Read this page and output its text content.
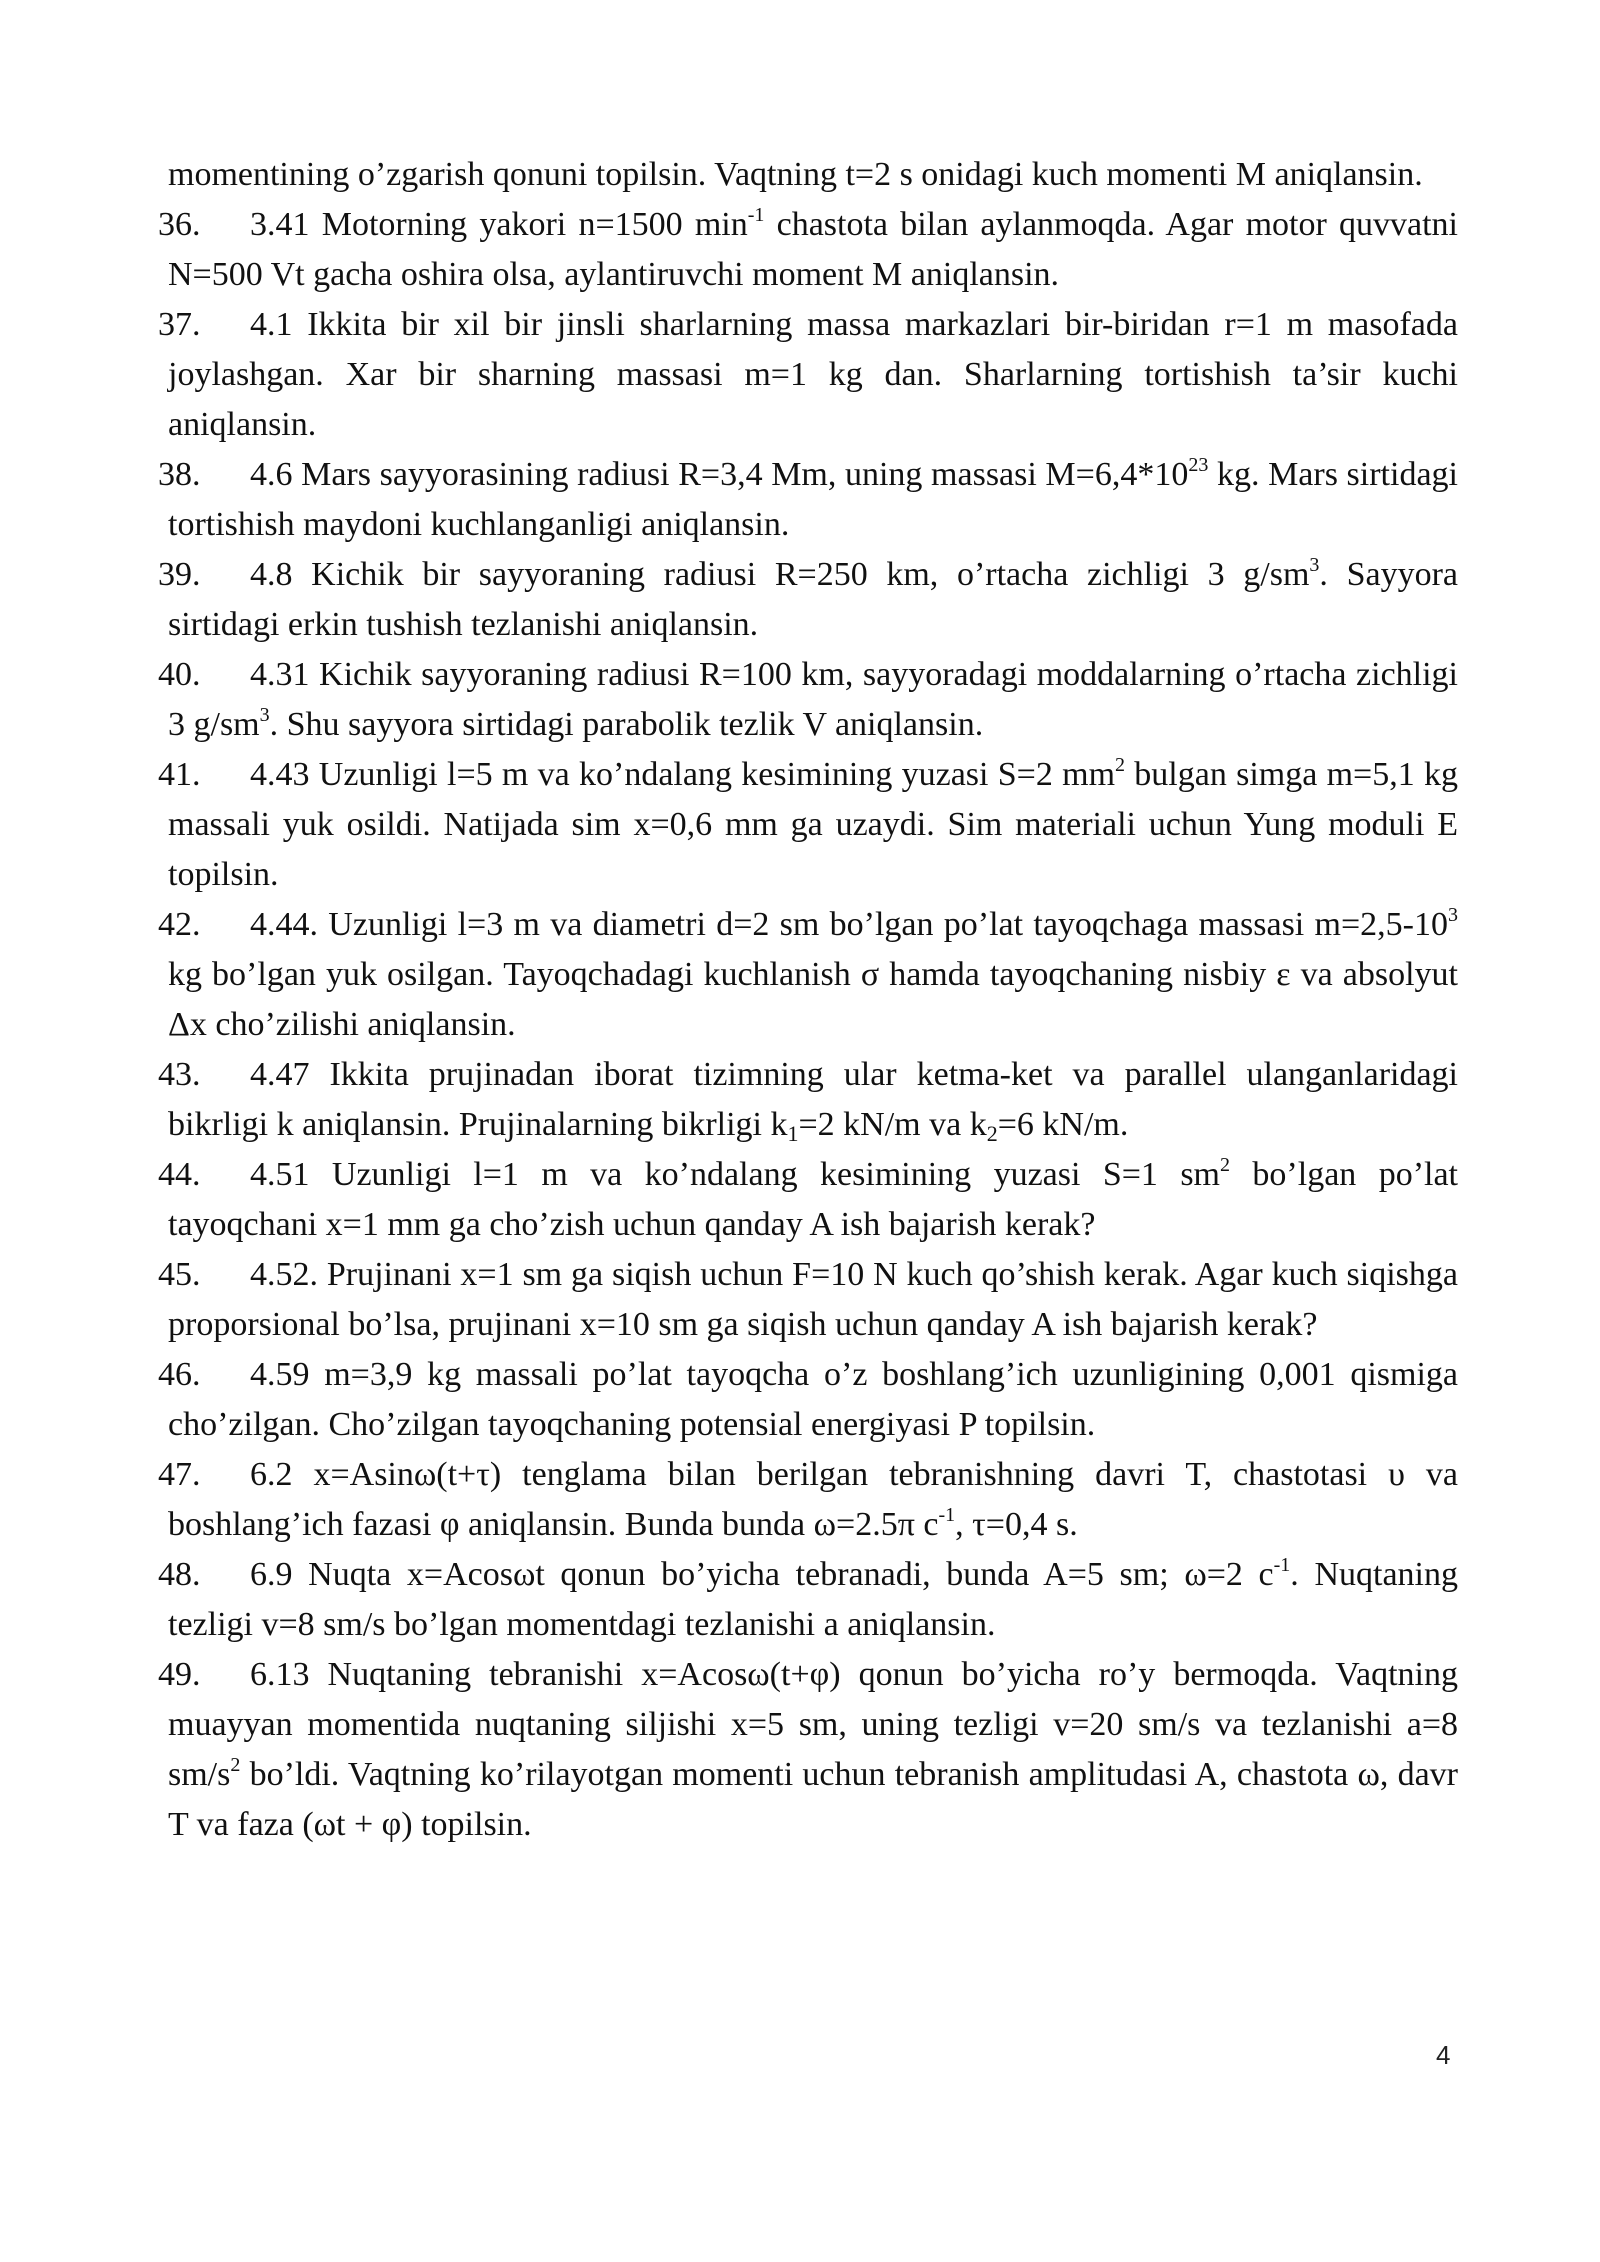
momentining o’zgarish qonuni topilsin. Vaqtning t=2 s onidagi kuch momenti M aniqlansin.

36. 3.41 Motorning yakori n=1500 $\min^{-1}$ chastota bilan aylanmoqda. Agar motor quvvatni N=500 Vt gacha oshira olsa, aylantiruvchi moment M aniqlansin.

37. 4.1 Ikkita bir xil bir jinsli sharlarning massa markazlari bir-biridan r=1 m masofada joylashgan. Xar bir sharning massasi m=1 kg dan. Sharlarning tortishish ta’sir kuchi aniqlansin.

38. 4.6 Mars sayyorasining radiusi R=3,4 Mm, uning massasi $M=6,4*10^{23}$ kg. Mars sirtidagi tortishish maydoni kuchlanganligi aniqlansin.

39. 4.8 Kichik bir sayyoraning radiusi R=250 km, o’rtacha zichligi 3 $g/sm^3$. Sayyora sirtidagi erkin tushish tezlanishi aniqlansin.

40. 4.31 Kichik sayyoraning radiusi R=100 km, sayyoradagi moddalarning o’rtacha zichligi 3 $g/sm^3$. Shu sayyora sirtidagi parabolik tezlik V aniqlansin.

41. 4.43 Uzunligi l=5 m va ko’ndalang kesimining yuzasi S=2 $mm^2$ bulgan simga m=5,1 kg massali yuk osildi. Natijada sim x=0,6 mm ga uzaydi. Sim materiali uchun Yung moduli E topilsin.

42. 4.44. Uzunligi l=3 m va diametri d=2 sm bo’lgan po’lat tayoqchaga massasi $m=2,5-10^3$ kg bo’lgan yuk osilgan. Tayoqchadagi kuchlanish σ hamda tayoqchaning nisbiy ε va absolyut Δx cho’zilishi aniqlansin.

43. 4.47 Ikkita prujinadan iborat tizimning ular ketma-ket va parallel ulanganlaridagi bikrligi k aniqlansin. Prujinalarning bikrligi $k_1=2$ kN/m va $k_2=6$ kN/m.

44. 4.51 Uzunligi l=1 m va ko’ndalang kesimining yuzasi S=1 $sm^2$ bo’lgan po’lat tayoqchani x=1 mm ga cho’zish uchun qanday A ish bajarish kerak?

45. 4.52. Prujinani x=1 sm ga siqish uchun F=10 N kuch qo’shish kerak. Agar kuch siqishga proporsional bo’lsa, prujinani x=10 sm ga siqish uchun qanday A ish bajarish kerak?

46. 4.59 m=3,9 kg massali po’lat tayoqcha o’z boshlang’ich uzunligining 0,001 qismiga cho’zilgan. Cho’zilgan tayoqchaning potensial energiyasi P topilsin.

47. 6.2 x=Asinω(t+τ) tenglama bilan berilgan tebranishning davri T, chastotasi υ va boshlang’ich fazasi φ aniqlansin. Bunda bunda ω=2.5π $c^{-1}$, τ=0,4 s.

48. 6.9 Nuqta x=Acosωt qonun bo’yicha tebranadi, bunda A=5 sm; ω=2 $c^{-1}$. Nuqtaning tezligi v=8 sm/s bo’lgan momentdagi tezlanishi a aniqlansin.

49. 6.13 Nuqtaning tebranishi x=Acosω(t+φ) qonun bo’yicha ro’y bermoqda. Vaqtning muayyan momentida nuqtaning siljishi x=5 sm, uning tezligi v=20 sm/s va tezlanishi a=8 $sm/s^2$ bo’ldi. Vaqtning ko’rilayotgan momenti uchun tebranish amplitudasi A, chastota ω, davr T va faza (ωt + φ) topilsin.

4
